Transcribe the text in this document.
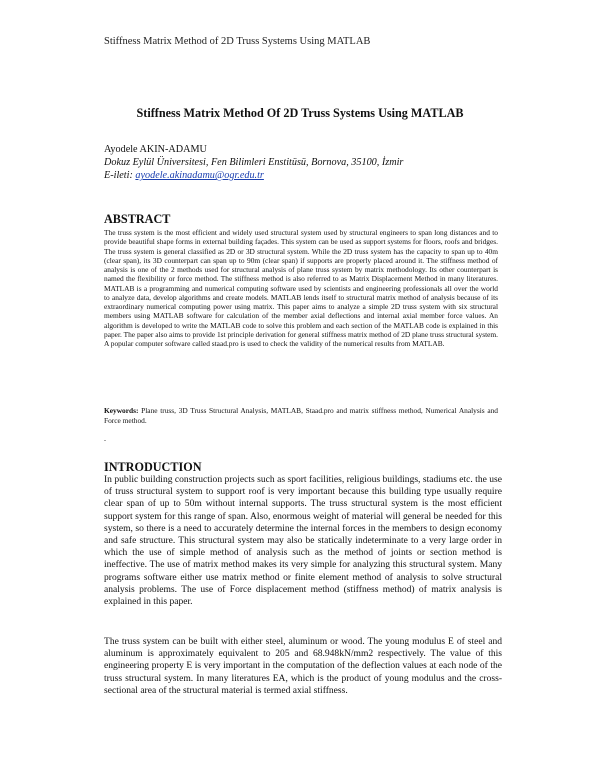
Stiffness Matrix Method of 2D Truss Systems Using MATLAB
Stiffness Matrix Method Of 2D Truss Systems Using MATLAB
Ayodele AKIN-ADAMU
Dokuz Eylül Üniversitesi, Fen Bilimleri Enstitüsü, Bornova, 35100, İzmir
E-ileti: ayodele.akinadamu@ogr.edu.tr
ABSTRACT
The truss system is the most efficient and widely used structural system used by structural engineers to span long distances and to provide beautiful shape forms in external building façades. This system can be used as support systems for floors, roofs and bridges. The truss system is general classified as 2D or 3D structural system. While the 2D truss system has the capacity to span up to 40m (clear span), its 3D counterpart can span up to 90m (clear span) if supports are properly placed around it. The stiffness method of analysis is one of the 2 methods used for structural analysis of plane truss system by matrix methodology. Its other counterpart is named the flexibility or force method. The stiffness method is also referred to as Matrix Displacement Method in many literatures. MATLAB is a programming and numerical computing software used by scientists and engineering professionals all over the world to analyze data, develop algorithms and create models. MATLAB lends itself to structural matrix method of analysis because of its extraordinary numerical computing power using matrix. This paper aims to analyze a simple 2D truss system with six structural members using MATLAB software for calculation of the member axial deflections and internal axial member force values. An algorithm is developed to write the MATLAB code to solve this problem and each section of the MATLAB code is explained in this paper. The paper also aims to provide 1st principle derivation for general stiffness matrix method of 2D plane truss structural system. A popular computer software called staad.pro is used to check the validity of the numerical results from MATLAB.
Keywords: Plane truss, 3D Truss Structural Analysis, MATLAB, Staad.pro and matrix stiffness method, Numerical Analysis and Force method.
.
INTRODUCTION
In public building construction projects such as sport facilities, religious buildings, stadiums etc. the use of truss structural system to support roof is very important because this building type usually require clear span of up to 50m without internal supports. The truss structural system is the most efficient support system for this range of span. Also, enormous weight of material will general be needed for this system, so there is a need to accurately determine the internal forces in the members to design economy and safe structure. This structural system may also be statically indeterminate to a very large order in which the use of simple method of analysis such as the method of joints or section method is ineffective. The use of matrix method makes its very simple for analyzing this structural system. Many programs software either use matrix method or finite element method of analysis to solve structural analysis problems. The use of Force displacement method (stiffness method) of matrix analysis is explained in this paper.
The truss system can be built with either steel, aluminum or wood. The young modulus E of steel and aluminum is approximately equivalent to 205 and 68.948kN/mm2 respectively. The value of this engineering property E is very important in the computation of the deflection values at each node of the truss structural system. In many literatures EA, which is the product of young modulus and the cross-sectional area of the structural material is termed axial stiffness.
